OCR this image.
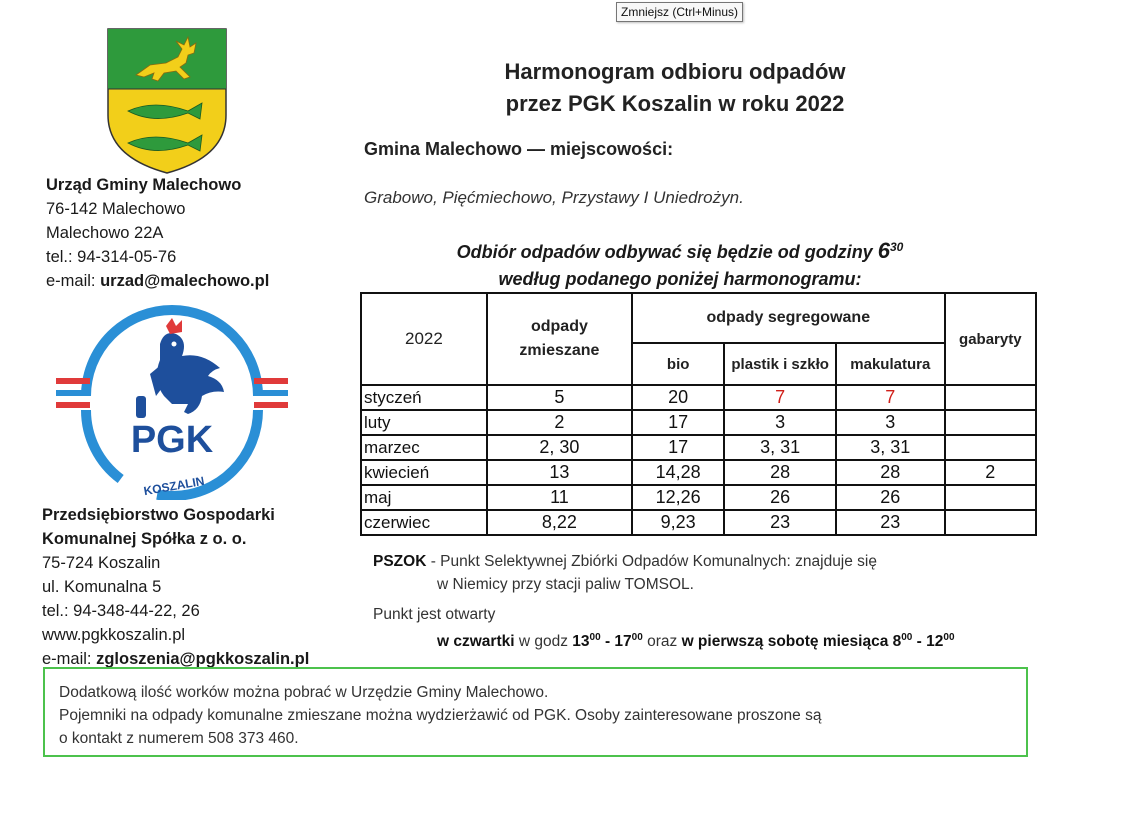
Zmniejsz (Ctrl+Minus)
Urząd Gminy Malechowo
76-142 Malechowo
Malechowo 22A
tel.: 94-314-05-76
e-mail: urzad@malechowo.pl
PGK
KOSZALIN
Przedsiębiorstwo Gospodarki
Komunalnej Spółka z o. o.
75-724 Koszalin
ul. Komunalna 5
tel.: 94-348-44-22, 26
www.pgkkoszalin.pl
e-mail: zgloszenia@pgkkoszalin.pl
Harmonogram odbioru odpadów
przez PGK Koszalin w roku 2022
Gmina Malechowo — miejscowości:
Grabowo, Pięćmiechowo, Przystawy I Uniedrożyn.
Odbiór odpadów odbywać się będzie od godziny $6^{30}$
według podanego poniżej harmonogramu:
2022	odpady zmieszane	odpady segregowane			gabaryty
		bio	plastik i szkło	makulatura	
styczeń	5	20	7	7	
luty	2	17	3	3	
marzec	2, 30	17	3, 31	3, 31	
kwiecień	13	14,28	28	28	2
maj	11	12,26	26	26	
czerwiec	8,22	9,23	23	23	
PSZOK - Punkt Selektywnej Zbiórki Odpadów Komunalnych: znajduje się
w Niemicy przy stacji paliw TOMSOL.
Punkt jest otwarty
w czwartki w godz $13^{00} - 17^{00}$ oraz w pierwszą sobotę miesiąca $8^{00} - 12^{00}$
Dodatkową ilość worków można pobrać w Urzędzie Gminy Malechowo.
Pojemniki na odpady komunalne zmieszane można wydzierżawić od PGK. Osoby zainteresowane proszone są
o kontakt z numerem 508 373 460.
